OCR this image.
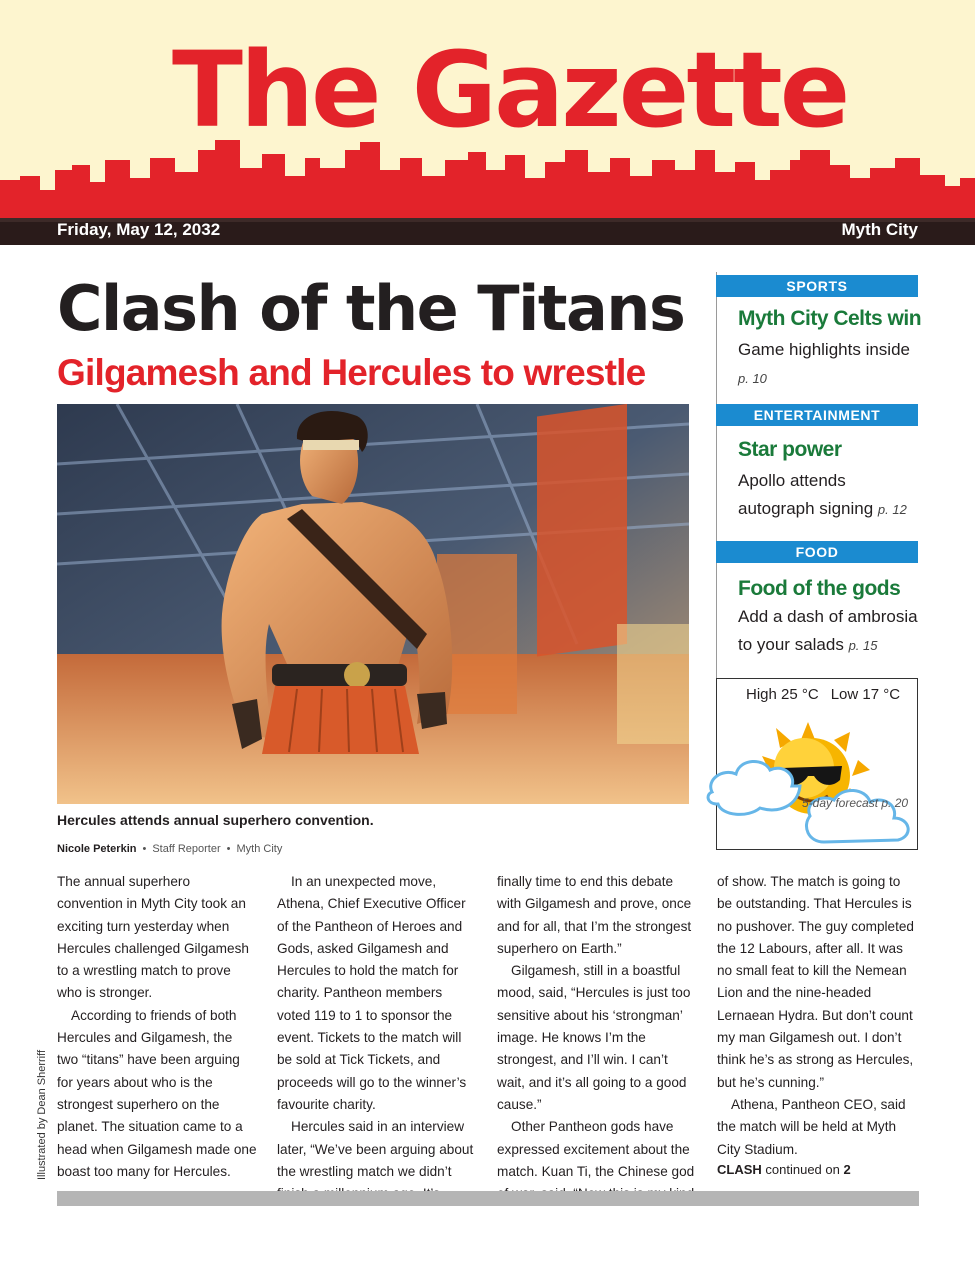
The Gazette
Friday, May 12, 2032	Myth City
Clash of the Titans
Gilgamesh and Hercules to wrestle
Hercules attends annual superhero convention.
Nicole Peterkin • Staff Reporter • Myth City

The annual superhero convention in Myth City took an exciting turn yesterday when Hercules challenged Gilgamesh to a wrestling match to prove who is stronger.

According to friends of both Hercules and Gilgamesh, the two “titans” have been arguing for years about who is the strongest superhero on the planet. The situation came to a head when Gilgamesh made one boast too many for Hercules.

In an unexpected move, Athena, Chief Executive Officer of the Pantheon of Heroes and Gods, asked Gilgamesh and Hercules to hold the match for charity. Pantheon members voted 119 to 1 to sponsor the event. Tickets to the match will be sold at Tick Tickets, and proceeds will go to the winner’s favourite charity.

Hercules said in an interview later, “We’ve been arguing about the wrestling match we didn’t

finally time to end this debate with Gilgamesh and prove, once and for all, that I’m the strongest superhero on Earth.”

Gilgamesh, still in a boastful mood, said, “Hercules is just too sensitive about his ‘strongman’ image. He knows I’m the strongest, and I’ll win. I can’t wait, and it’s all going to a good cause.”

Other Pantheon gods have expressed excitement about the match. Kuan Ti, the Chinese god

of show. The match is going to be outstanding. That Hercules is no pushover. The guy completed the 12 Labours, after all. It was no small feat to kill the Nemean Lion and the nine-headed Lernaean Hydra. But don’t count my man Gilgamesh out. I don’t think he’s as strong as Hercules, but he’s cunning.”

Athena, Pantheon CEO, said the match will be held at Myth City Stadium.

CLASH continued on 2
Illustrated by Dean Sherriff
SPORTS
Myth City Celts win
Game highlights inside p. 10
ENTERTAINMENT
Star power
Apollo attends autograph signing p. 12
FOOD
Food of the gods
Add a dash of ambrosia to your salads p. 15
High 25 °C Low 17 °C
5-day forecast p. 20
